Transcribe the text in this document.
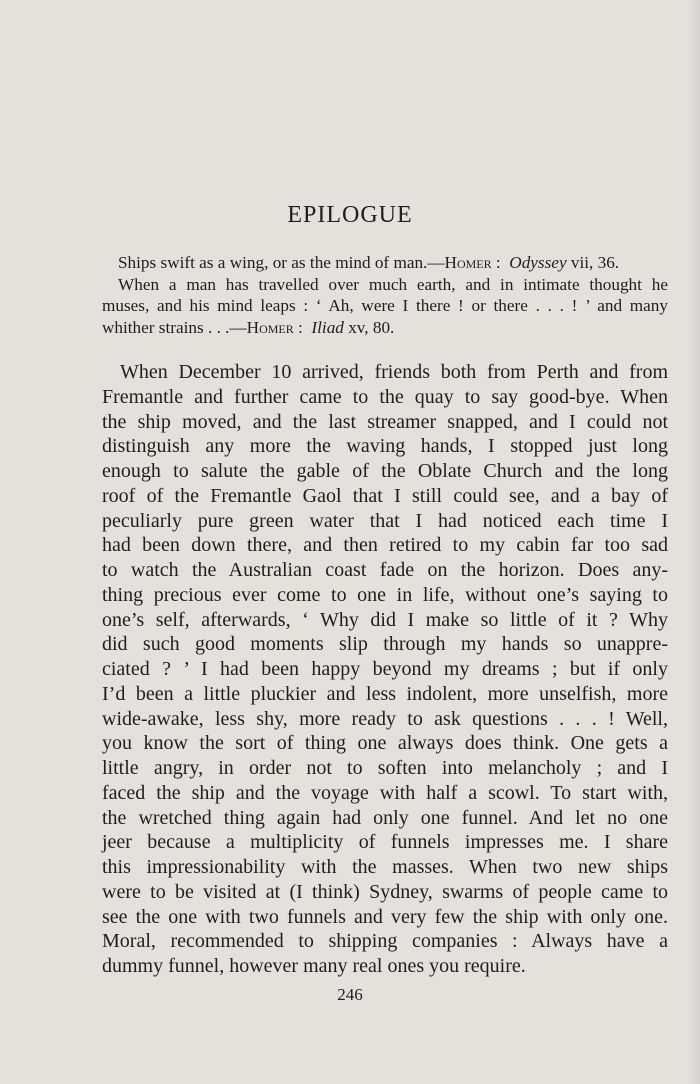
EPILOGUE

Ships swift as a wing, or as the mind of man.—Homer :  Odyssey vii, 36.

When a man has travelled over much earth, and in intimate thought he
muses, and his mind leaps : ‘ Ah, were I there ! or there . . . ! ’ and many

whither strains . . .—Homer :  Iliad xv, 80.

When December 10 arrived, friends both from Perth and from
Fremantle and further came to the quay to say good-bye. When
the ship moved, and the last streamer snapped, and I could not
distinguish any more the waving hands, I stopped just long
enough to salute the gable of the Oblate Church and the long
roof of the Fremantle Gaol that I still could see, and a bay of
peculiarly pure green water that I had noticed each time I
had been down there, and then retired to my cabin far too sad
to watch the Australian coast fade on the horizon. Does any-
thing precious ever come to one in life, without one’s saying to
one’s self, afterwards, ‘ Why did I make so little of it ? Why
did such good moments slip through my hands so unappre-
ciated ? ’ I had been happy beyond my dreams ; but if only
I’d been a little pluckier and less indolent, more unselfish, more
wide-awake, less shy, more ready to ask questions . . . ! Well,
you know the sort of thing one always does think. One gets a
little angry, in order not to soften into melancholy ; and I
faced the ship and the voyage with half a scowl. To start with,
the wretched thing again had only one funnel. And let no one
jeer because a multiplicity of funnels impresses me. I share
this impressionability with the masses. When two new ships
were to be visited at (I think) Sydney, swarms of people came to
see the one with two funnels and very few the ship with only one.
Moral, recommended to shipping companies : Always have a
dummy funnel, however many real ones you require.
246
